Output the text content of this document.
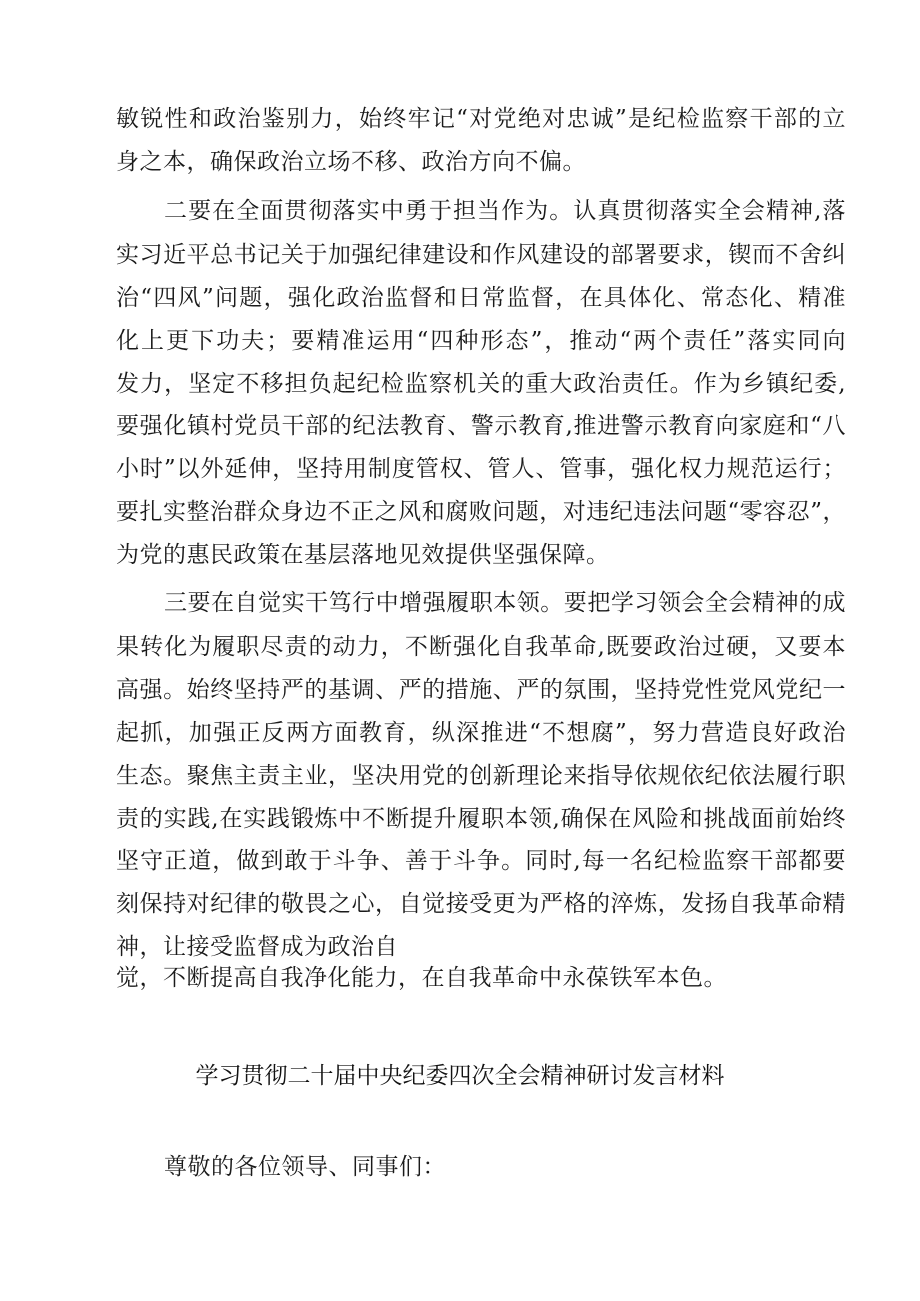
敏锐性和政治鉴别力，始终牢记“对党绝对忠诚”是纪检监察干部的立
身之本，确保政治立场不移、政治方向不偏。
二要在全面贯彻落实中勇于担当作为。认真贯彻落实全会精神,落
实习近平总书记关于加强纪律建设和作风建设的部署要求，锲而不舍纠
治“四风”问题，强化政治监督和日常监督，在具体化、常态化、精准
化上更下功夫；要精准运用“四种形态”，推动“两个责任”落实同向
发力，坚定不移担负起纪检监察机关的重大政治责任。作为乡镇纪委,
要强化镇村党员干部的纪法教育、警示教育,推进警示教育向家庭和“八
小时”以外延伸，坚持用制度管权、管人、管事，强化权力规范运行；
要扎实整治群众身边不正之风和腐败问题，对违纪违法问题“零容忍”，
为党的惠民政策在基层落地见效提供坚强保障。
三要在自觉实干笃行中增强履职本领。要把学习领会全会精神的成
果转化为履职尽责的动力，不断强化自我革命,既要政治过硬，又要本
高强。始终坚持严的基调、严的措施、严的氛围，坚持党性党风党纪一
起抓，加强正反两方面教育，纵深推进“不想腐”，努力营造良好政治
生态。聚焦主责主业，坚决用党的创新理论来指导依规依纪依法履行职
责的实践,在实践锻炼中不断提升履职本领,确保在风险和挑战面前始终
坚守正道，做到敢于斗争、善于斗争。同时,每一名纪检监察干部都要
刻保持对纪律的敬畏之心，自觉接受更为严格的淬炼，发扬自我革命精
神，让接受监督成为政治自
觉，不断提高自我净化能力，在自我革命中永葆铁军本色。
学习贯彻二十届中央纪委四次全会精神研讨发言材料
尊敬的各位领导、同事们：
